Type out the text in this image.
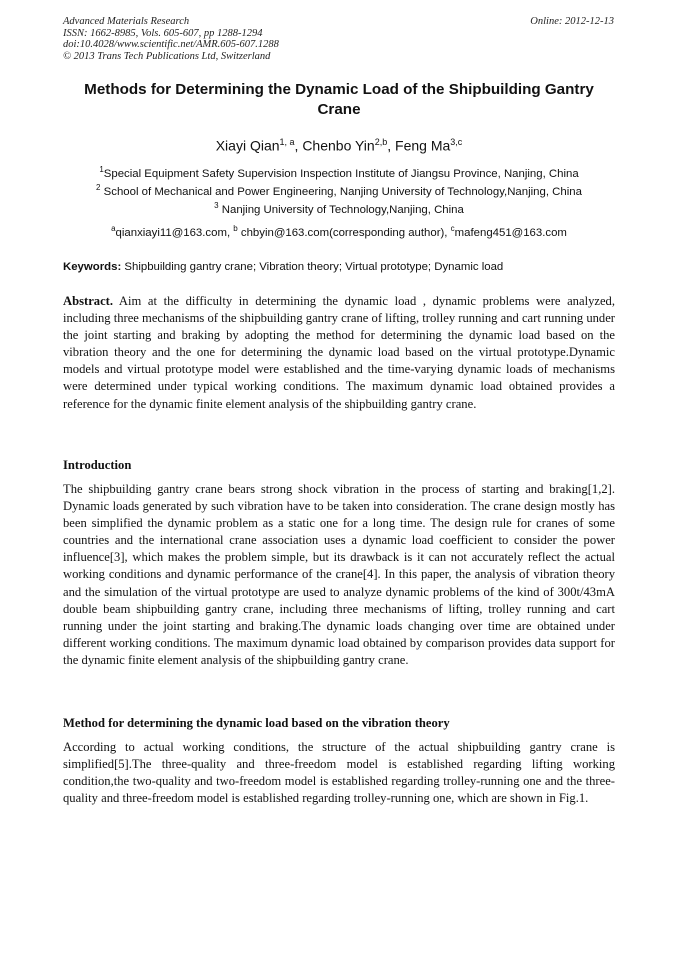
Advanced Materials Research
ISSN: 1662-8985, Vols. 605-607, pp 1288-1294
doi:10.4028/www.scientific.net/AMR.605-607.1288
© 2013 Trans Tech Publications Ltd, Switzerland
Online: 2012-12-13
Methods for Determining the Dynamic Load of the Shipbuilding Gantry Crane
Xiayi Qian$^{1, a}$, Chenbo Yin$^{2,b}$, Feng Ma$^{3,c}$
$^1$Special Equipment Safety Supervision Inspection Institute of Jiangsu Province, Nanjing, China
$^2$ School of Mechanical and Power Engineering, Nanjing University of Technology,Nanjing, China
$^3$ Nanjing University of Technology,Nanjing, China
$^a$qianxiayi11@163.com, $^b$ chbyin@163.com(corresponding author), $^c$mafeng451@163.com
Keywords: Shipbuilding gantry crane; Vibration theory; Virtual prototype; Dynamic load
Abstract. Aim at the difficulty in determining the dynamic load , dynamic problems were analyzed, including three mechanisms of the shipbuilding gantry crane of lifting, trolley running and cart running under the joint starting and braking by adopting the method for determining the dynamic load based on the vibration theory and the one for determining the dynamic load based on the virtual prototype.Dynamic models and virtual prototype model were established and the time-varying dynamic loads of mechanisms were determined under typical working conditions. The maximum dynamic load obtained provides a reference for the dynamic finite element analysis of the shipbuilding gantry crane.
Introduction
The shipbuilding gantry crane bears strong shock vibration in the process of starting and braking[1,2]. Dynamic loads generated by such vibration have to be taken into consideration. The crane design mostly has been simplified the dynamic problem as a static one for a long time. The design rule for cranes of some countries and the international crane association uses a dynamic load coefficient to consider the power influence[3], which makes the problem simple, but its drawback is it can not accurately reflect the actual working conditions and dynamic performance of the crane[4]. In this paper, the analysis of vibration theory and the simulation of the virtual prototype are used to analyze dynamic problems of the kind of 300t/43mA double beam shipbuilding gantry crane, including three mechanisms of lifting, trolley running and cart running under the joint starting and braking.The dynamic loads changing over time are obtained under different working conditions. The maximum dynamic load obtained by comparison provides data support for the dynamic finite element analysis of the shipbuilding gantry crane.
Method for determining the dynamic load based on the vibration theory
According to actual working conditions, the structure of the actual shipbuilding gantry crane is simplified[5].The three-quality and three-freedom model is established regarding lifting working condition,the two-quality and two-freedom model is established regarding trolley-running one and the three-quality and three-freedom model is established regarding trolley-running one, which are shown in Fig.1.
